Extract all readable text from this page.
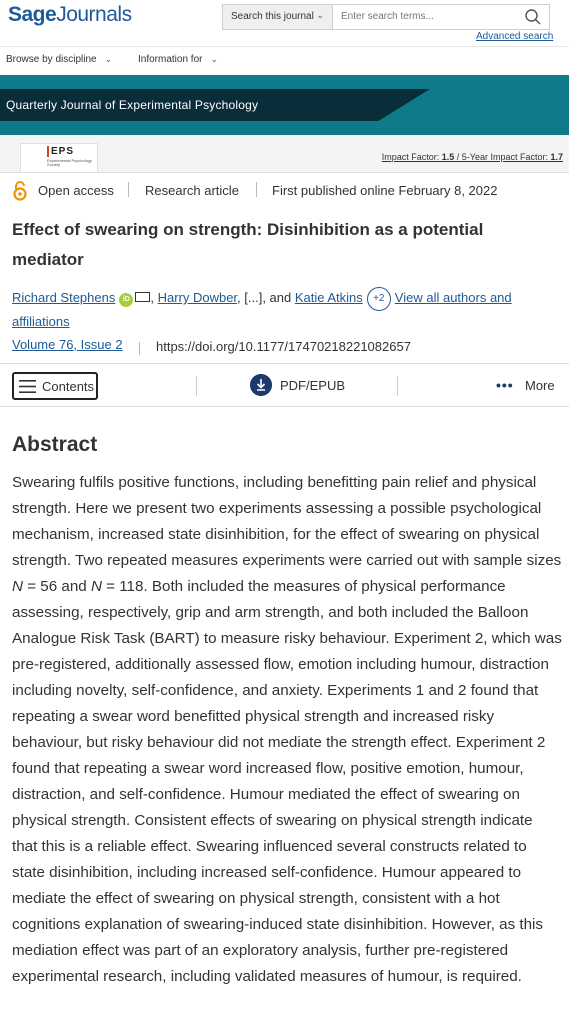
SageJournals	Search this journal ⌄	Enter search terms...
Advanced search
Browse by discipline ⌄	Information for ⌄
Quarterly Journal of Experimental Psychology
EPS
Experimental Psychology Society
Impact Factor: 1.5 / 5-Year Impact Factor: 1.7
Open access Research article	First published online February 8, 2022
Effect of swearing on strength: Disinhibition as a potential mediator
Richard Stephens iD , Harry Dowber, [...], and Katie Atkins +2 View all authors and affiliations
Volume 76, Issue 2	https://doi.org/10.1177/17470218221082657
Contents	PDF/EPUB	••• More
Abstract

Swearing fulfils positive functions, including benefitting pain relief and physical strength. Here we present two experiments assessing a possible psychological mechanism, increased state disinhibition, for the effect of swearing on physical strength. Two repeated measures experiments were carried out with sample sizes N = 56 and N = 118. Both included the measures of physical performance assessing, respectively, grip and arm strength, and both included the Balloon Analogue Risk Task (BART) to measure risky behaviour. Experiment 2, which was pre-registered, additionally assessed flow, emotion including humour, distraction including novelty, self-confidence, and anxiety. Experiments 1 and 2 found that repeating a swear word benefitted physical strength and increased risky behaviour, but risky behaviour did not mediate the strength effect. Experiment 2 found that repeating a swear word increased flow, positive emotion, humour, distraction, and self-confidence. Humour mediated the effect of swearing on physical strength. Consistent effects of swearing on physical strength indicate that this is a reliable effect. Swearing influenced several constructs related to state disinhibition, including increased self-confidence. Humour appeared to mediate the effect of swearing on physical strength, consistent with a hot cognitions explanation of swearing-induced state disinhibition. However, as this mediation effect was part of an exploratory analysis, further pre-registered experimental research, including validated measures of humour, is required.
